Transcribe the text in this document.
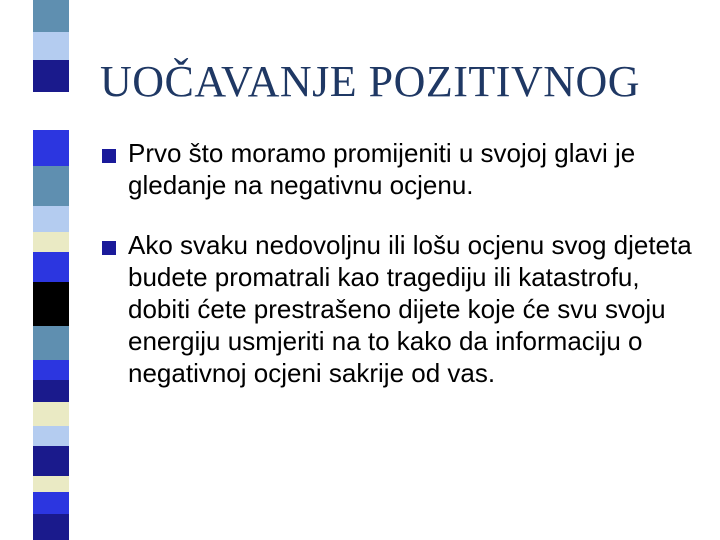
UOČAVANJE POZITIVNOG
Prvo što moramo promijeniti u svojoj glavi je gledanje na negativnu ocjenu.
Ako svaku nedovoljnu ili lošu ocjenu svog djeteta budete promatrali kao tragediju ili katastrofu, dobiti ćete prestrašeno dijete koje će svu svoju energiju usmjeriti na to kako da informaciju o negativnoj ocjeni sakrije od vas.
